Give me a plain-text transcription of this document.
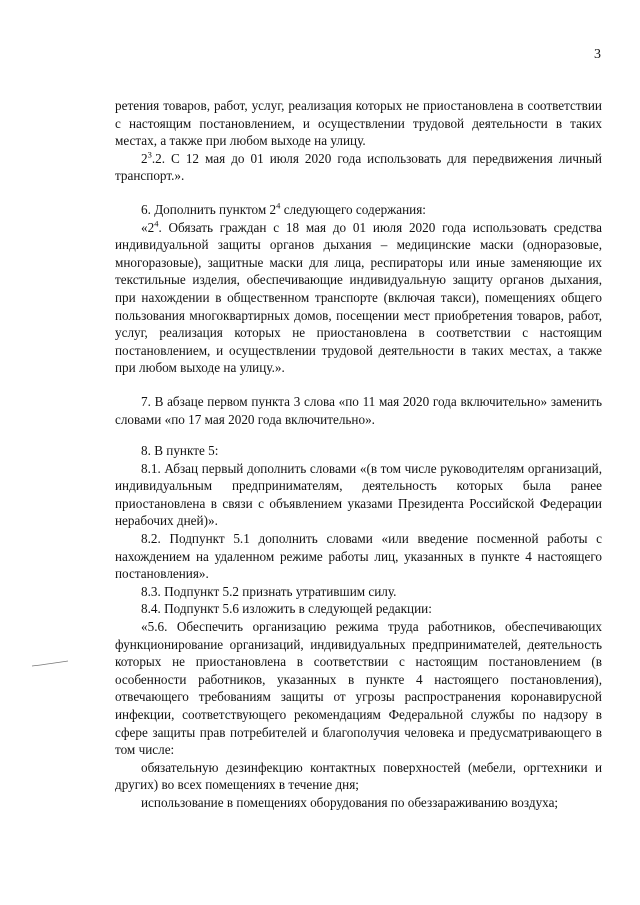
3

ретения товаров, работ, услуг, реализация которых не приостановлена в соответствии с настоящим постановлением, и осуществлении трудовой деятельности в таких местах, а также при любом выходе на улицу.

$2^3.2$. С 12 мая до 01 июля 2020 года использовать для передвижения личный транспорт.».

6. Дополнить пунктом $2^4$ следующего содержания:

«$2^4$. Обязать граждан с 18 мая до 01 июля 2020 года использовать средства индивидуальной защиты органов дыхания – медицинские маски (одноразовые, многоразовые), защитные маски для лица, респираторы или иные заменяющие их текстильные изделия, обеспечивающие индивидуальную защиту органов дыхания, при нахождении в общественном транспорте (включая такси), помещениях общего пользования многоквартирных домов, посещении мест приобретения товаров, работ, услуг, реализация которых не приостановлена в соответствии с настоящим постановлением, и осуществлении трудовой деятельности в таких местах, а также при любом выходе на улицу.».

7. В абзаце первом пункта 3 слова «по 11 мая 2020 года включительно» заменить словами «по 17 мая 2020 года включительно».

8. В пункте 5:

8.1. Абзац первый дополнить словами «(в том числе руководителям организаций, индивидуальным предпринимателям, деятельность которых была ранее приостановлена в связи с объявлением указами Президента Российской Федерации нерабочих дней)».

8.2. Подпункт 5.1 дополнить словами «или введение посменной работы с нахождением на удаленном режиме работы лиц, указанных в пункте 4 настоящего постановления».

8.3. Подпункт 5.2 признать утратившим силу.

8.4. Подпункт 5.6 изложить в следующей редакции:

«5.6. Обеспечить организацию режима труда работников, обеспечивающих функционирование организаций, индивидуальных предпринимателей, деятельность которых не приостановлена в соответствии с настоящим постановлением (в особенности работников, указанных в пункте 4 настоящего постановления), отвечающего требованиям защиты от угрозы распространения коронавирусной инфекции, соответствующего рекомендациям Федеральной службы по надзору в сфере защиты прав потребителей и благополучия человека и предусматривающего в том числе:

обязательную дезинфекцию контактных поверхностей (мебели, оргтехники и других) во всех помещениях в течение дня;

использование в помещениях оборудования по обеззараживанию воздуха;
